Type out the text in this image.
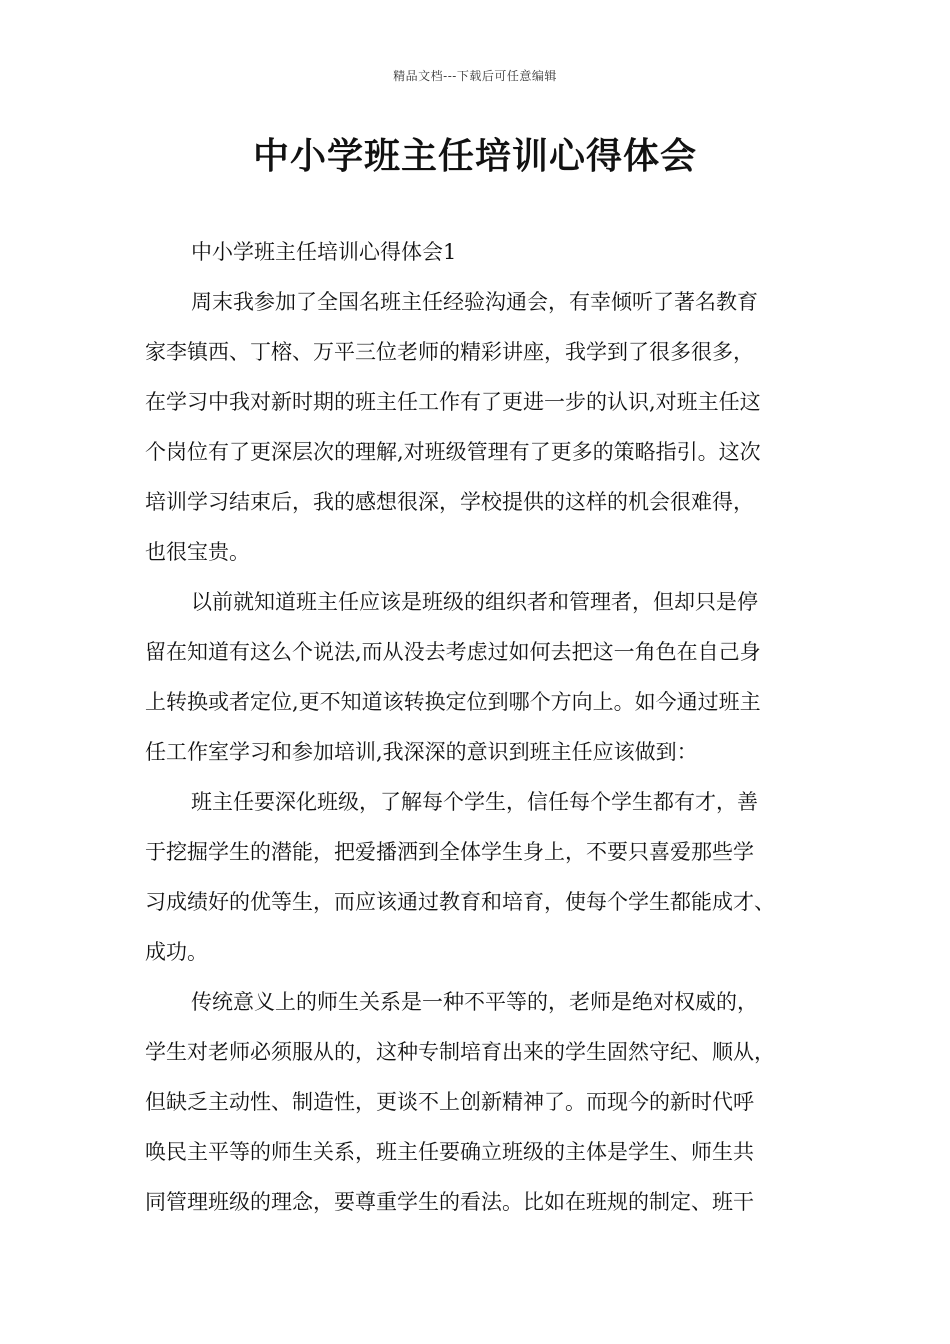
精品文档---下载后可任意编辑
中小学班主任培训心得体会
中小学班主任培训心得体会1
周末我参加了全国名班主任经验沟通会，有幸倾听了著名教育
家李镇西、丁榕、万平三位老师的精彩讲座，我学到了很多很多，
在学习中我对新时期的班主任工作有了更进一步的认识,对班主任这
个岗位有了更深层次的理解,对班级管理有了更多的策略指引。这次
培训学习结束后，我的感想很深，学校提供的这样的机会很难得，
也很宝贵。
以前就知道班主任应该是班级的组织者和管理者，但却只是停
留在知道有这么个说法,而从没去考虑过如何去把这一角色在自己身
上转换或者定位,更不知道该转换定位到哪个方向上。如今通过班主
任工作室学习和参加培训,我深深的意识到班主任应该做到：
班主任要深化班级，了解每个学生，信任每个学生都有才，善
于挖掘学生的潜能，把爱播洒到全体学生身上，不要只喜爱那些学
习成绩好的优等生，而应该通过教育和培育，使每个学生都能成才、
成功。
传统意义上的师生关系是一种不平等的，老师是绝对权威的，
学生对老师必须服从的，这种专制培育出来的学生固然守纪、顺从，
但缺乏主动性、制造性，更谈不上创新精神了。而现今的新时代呼
唤民主平等的师生关系，班主任要确立班级的主体是学生、师生共
同管理班级的理念，要尊重学生的看法。比如在班规的制定、班干
